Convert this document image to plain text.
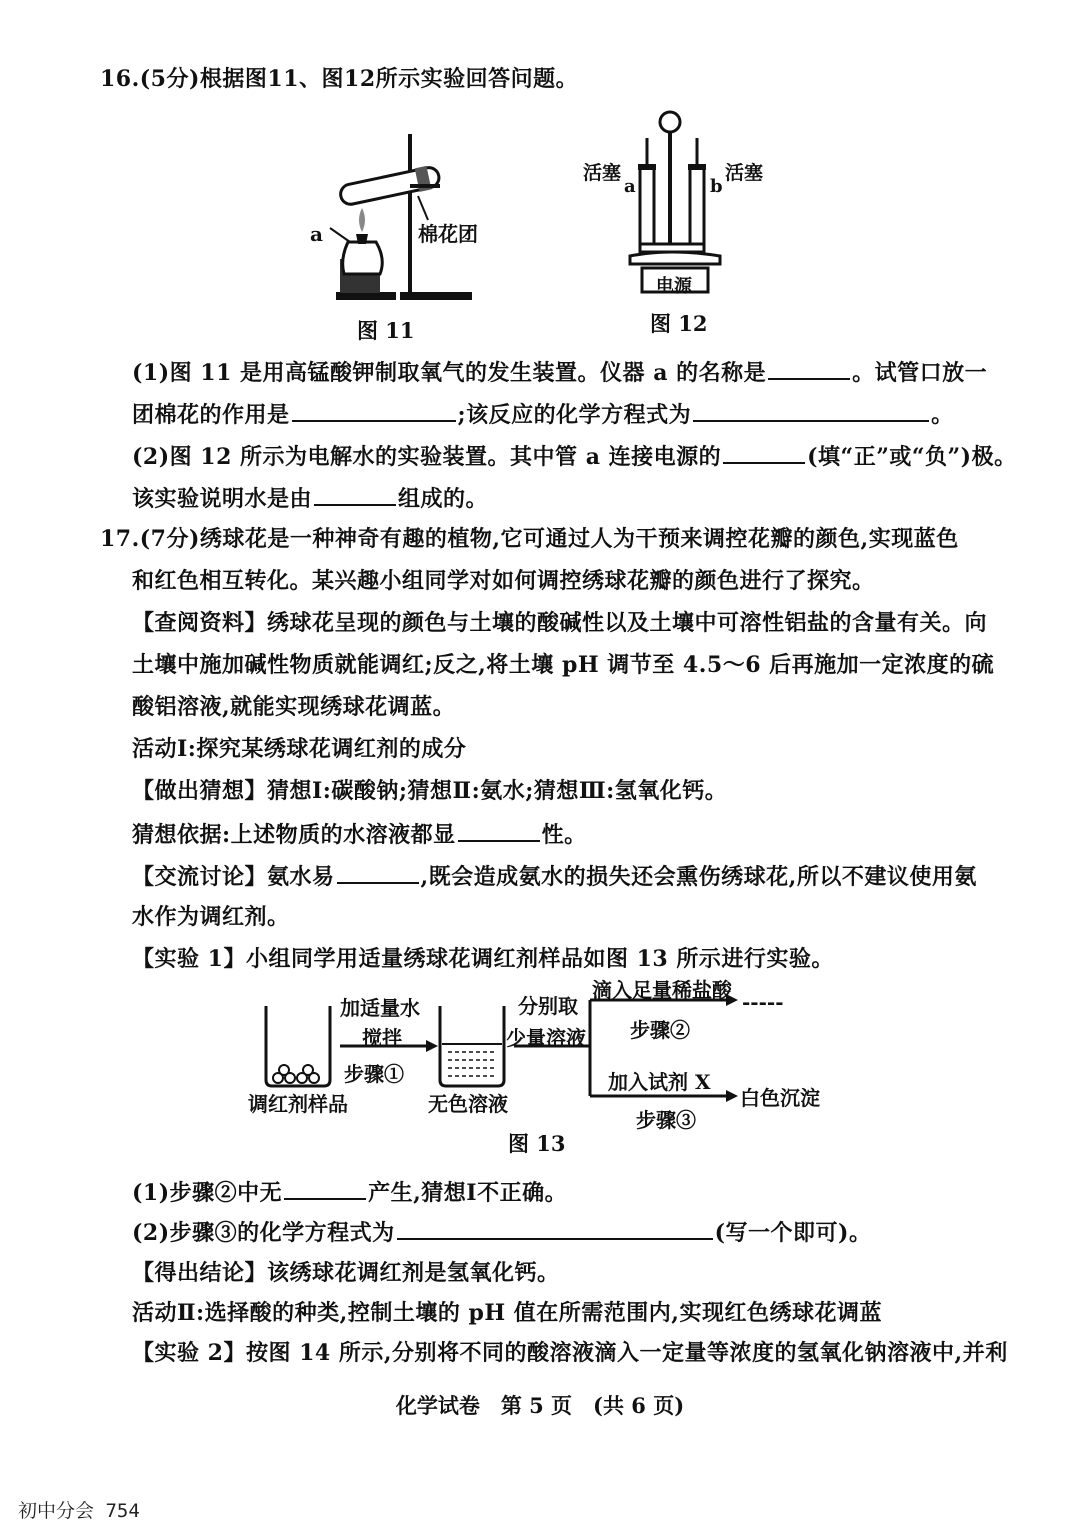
16.(5分)根据图11、图12所示实验回答问题。
a	棉花团
图 11
活塞
a
活塞
b
电源
图 12
(1)图 11 是用高锰酸钾制取氧气的发生装置。仪器 a 的名称是	。试管口放一
团棉花的作用是	;该反应的化学方程式为	。
(2)图 12 所示为电解水的实验装置。其中管 a 连接电源的	(填“正”或“负”)极。
该实验说明水是由	组成的。
17.(7分)绣球花是一种神奇有趣的植物,它可通过人为干预来调控花瓣的颜色,实现蓝色
和红色相互转化。某兴趣小组同学对如何调控绣球花瓣的颜色进行了探究。
【查阅资料】绣球花呈现的颜色与土壤的酸碱性以及土壤中可溶性铝盐的含量有关。向
土壤中施加碱性物质就能调红;反之,将土壤 pH 调节至 4.5～6 后再施加一定浓度的硫
酸铝溶液,就能实现绣球花调蓝。
活动Ⅰ:探究某绣球花调红剂的成分
【做出猜想】猜想Ⅰ:碳酸钠;猜想Ⅱ:氨水;猜想Ⅲ:氢氧化钙。
猜想依据:上述物质的水溶液都显	性。
【交流讨论】氨水易	,既会造成氨水的损失还会熏伤绣球花,所以不建议使用氨
水作为调红剂。
【实验 1】小组同学用适量绣球花调红剂样品如图 13 所示进行实验。
加适量水
搅拌
步骤①
调红剂样品
分别取
少量溶液
无色溶液
滴入足量稀盐酸
步骤②
-----
加入试剂 X
步骤③
白色沉淀
图 13
(1)步骤②中无	产生,猜想Ⅰ不正确。
(2)步骤③的化学方程式为	(写一个即可)。
【得出结论】该绣球花调红剂是氢氧化钙。
活动Ⅱ:选择酸的种类,控制土壤的 pH 值在所需范围内,实现红色绣球花调蓝
【实验 2】按图 14 所示,分别将不同的酸溶液滴入一定量等浓度的氢氧化钠溶液中,并利
化学试卷　第 5 页　(共 6 页)
初中分会 754
